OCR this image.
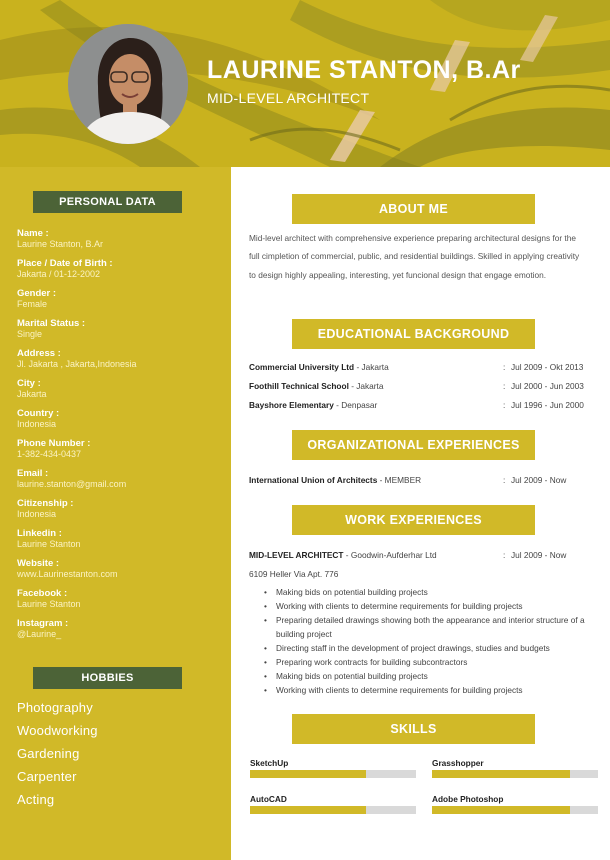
LAURINE STANTON, B.Ar
MID-LEVEL ARCHITECT
PERSONAL DATA
Name :
Laurine Stanton, B.Ar
Place / Date of Birth :
Jakarta / 01-12-2002
Gender :
Female
Marital Status :
Single
Address :
Jl. Jakarta , Jakarta,Indonesia
City :
Jakarta
Country :
Indonesia
Phone Number :
1-382-434-0437
Email :
laurine.stanton@gmail.com
Citizenship :
Indonesia
Linkedin :
Laurine Stanton
Website :
www.Laurinestanton.com
Facebook :
Laurine Stanton
Instagram :
@Laurine_
HOBBIES
Photography
Woodworking
Gardening
Carpenter
Acting
ABOUT ME
Mid-level architect with comprehensive experience preparing architectural designs for the full cimpletion of commercial, public, and residential buildings. Skilled in applying creativity to design highly appealing, interesting, yet funcional design that engage emotion.
EDUCATIONAL BACKGROUND
Commercial University Ltd - Jakarta	: Jul 2009 - Okt 2013
Foothill Technical School - Jakarta	: Jul 2000 - Jun 2003
Bayshore Elementary - Denpasar	: Jul 1996 - Jun 2000
ORGANIZATIONAL EXPERIENCES
International Union of Architects - MEMBER	: Jul 2009 - Now
WORK EXPERIENCES
MID-LEVEL ARCHITECT - Goodwin-Aufderhar Ltd	: Jul 2009 - Now
6109 Heller Via Apt. 776
• Making bids on potential building projects
• Working with clients to determine requirements for building projects
• Preparing detailed drawings showing both the appearance and interior structure of a building project
• Directing staff in the development of project drawings, studies and budgets
• Preparing work contracts for building subcontractors
• Making bids on potential building projects
• Working with clients to determine requirements for building projects
SKILLS
SketchUp	Grasshopper
AutoCAD	Adobe Photoshop
